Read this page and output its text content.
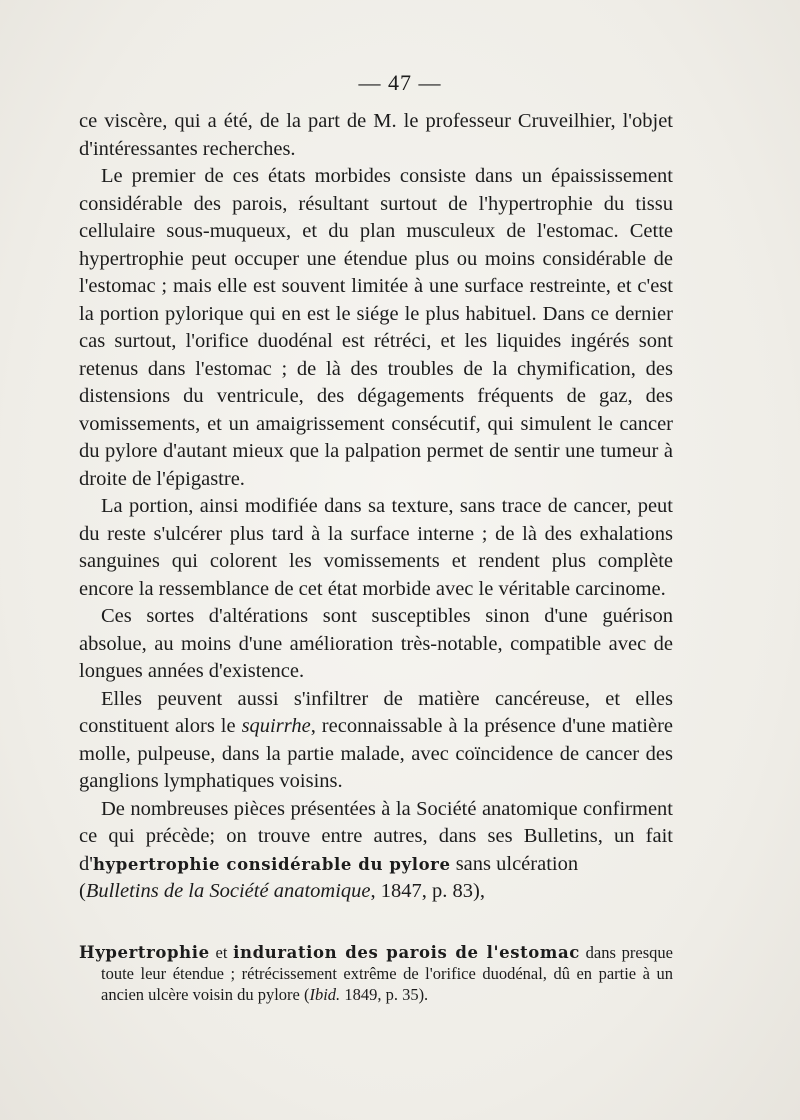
— 47 —

ce viscère, qui a été, de la part de M. le professeur Cruveilhier, l'objet d'intéressantes recherches.

Le premier de ces états morbides consiste dans un épaississement considérable des parois, résultant surtout de l'hypertrophie du tissu cellulaire sous-muqueux, et du plan musculeux de l'estomac. Cette hypertrophie peut occuper une étendue plus ou moins considérable de l'estomac ; mais elle est souvent limitée à une surface restreinte, et c'est la portion pylorique qui en est le siége le plus habituel. Dans ce dernier cas surtout, l'orifice duodénal est rétréci, et les liquides ingérés sont retenus dans l'estomac ; de là des troubles de la chymification, des distensions du ventricule, des dégagements fréquents de gaz, des vomissements, et un amaigrissement consécutif, qui simulent le cancer du pylore d'autant mieux que la palpation permet de sentir une tumeur à droite de l'épigastre.

La portion, ainsi modifiée dans sa texture, sans trace de cancer, peut du reste s'ulcérer plus tard à la surface interne ; de là des exhalations sanguines qui colorent les vomissements et rendent plus complète encore la ressemblance de cet état morbide avec le véritable carcinome.

Ces sortes d'altérations sont susceptibles sinon d'une guérison absolue, au moins d'une amélioration très-notable, compatible avec de longues années d'existence.

Elles peuvent aussi s'infiltrer de matière cancéreuse, et elles constituent alors le squirrhe, reconnaissable à la présence d'une matière molle, pulpeuse, dans la partie malade, avec coïncidence de cancer des ganglions lymphatiques voisins.

De nombreuses pièces présentées à la Société anatomique confirment ce qui précède; on trouve entre autres, dans ses Bulletins, un fait d'hypertrophie considérable du pylore sans ulcération
(Bulletins de la Société anatomique, 1847, p. 83),

Hypertrophie et induration des parois de l'estomac dans presque toute leur étendue ; rétrécissement extrême de l'orifice duodénal, dû en partie à un ancien ulcère voisin du pylore (Ibid. 1849, p. 35).
